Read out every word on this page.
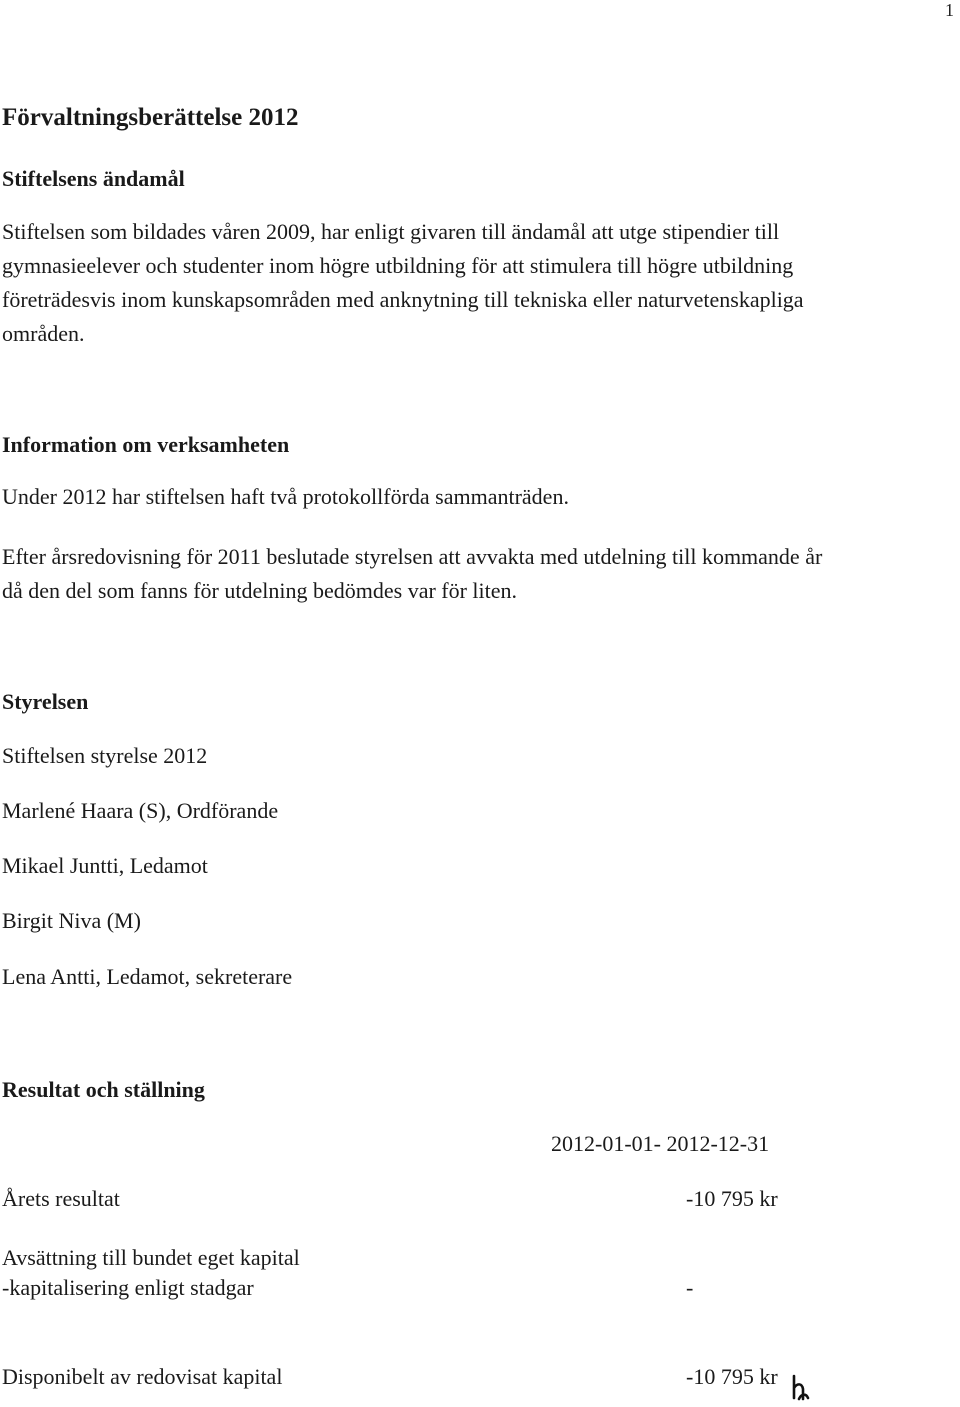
1
Förvaltningsberättelse 2012
Stiftelsens ändamål
Stiftelsen som bildades våren 2009, har enligt givaren till ändamål att utge stipendier till
gymnasieelever och studenter inom högre utbildning för att stimulera till högre utbildning
företrädesvis inom kunskapsområden med anknytning till tekniska eller naturvetenskapliga
områden.
Information om verksamheten
Under 2012 har stiftelsen haft två protokollförda sammanträden.
Efter årsredovisning för 2011 beslutade styrelsen att avvakta med utdelning till kommande år
då den del som fanns för utdelning bedömdes var för liten.
Styrelsen
Stiftelsen styrelse 2012
Marlené Haara (S), Ordförande
Mikael Juntti, Ledamot
Birgit Niva (M)
Lena Antti, Ledamot, sekreterare
Resultat och ställning
2012-01-01- 2012-12-31
Årets resultat	-10 795 kr
Avsättning till bundet eget kapital
-kapitalisering enligt stadgar	-
Disponibelt av redovisat kapital	-10 795 kr
